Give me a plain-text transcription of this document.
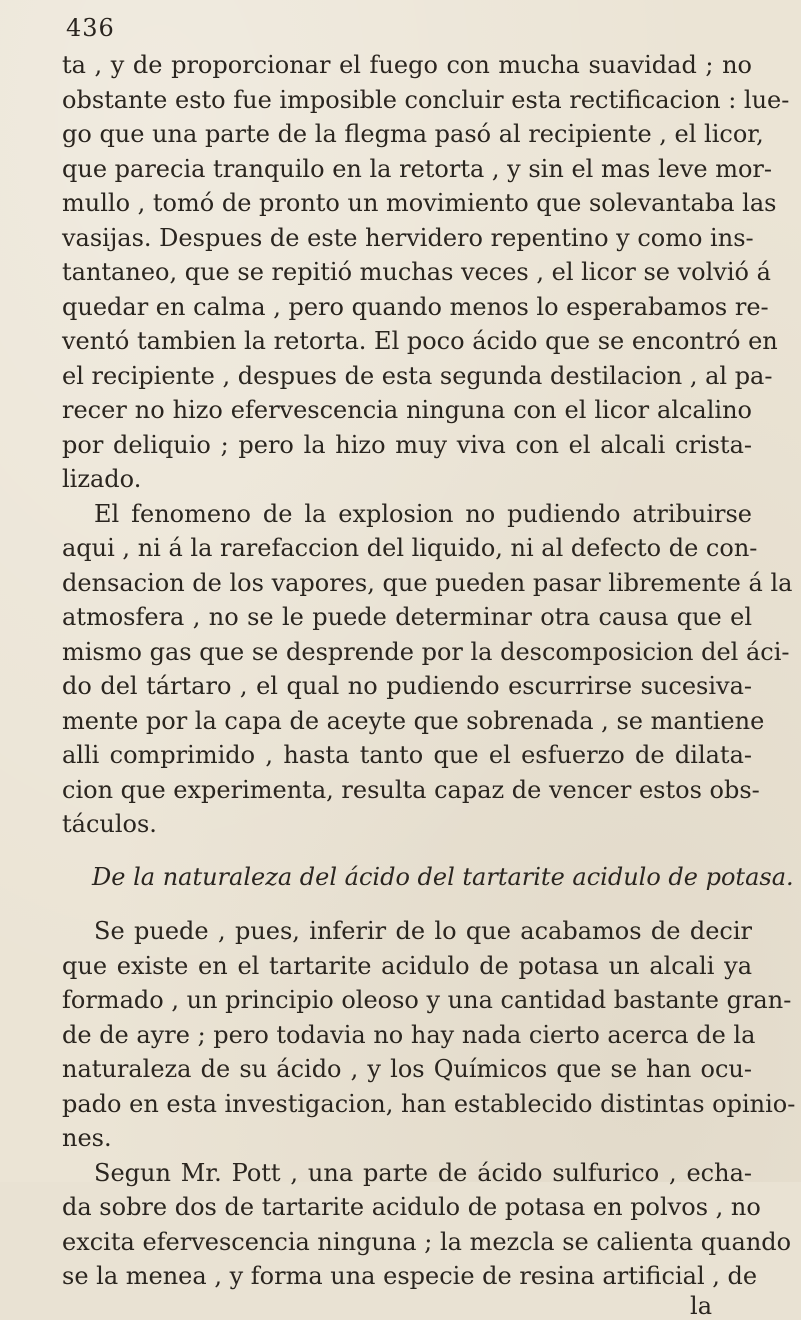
436
ta , y de proporcionar el fuego con mucha suavidad ; no
obstante esto fue imposible concluir esta rectificacion : lue-
go que una parte de la flegma pasó al recipiente , el licor,
que parecia tranquilo en la retorta , y sin el mas leve mor-
mullo , tomó de pronto un movimiento que solevantaba las
vasijas. Despues de este hervidero repentino y como ins-
tantaneo, que se repitió muchas veces , el licor se volvió á
quedar en calma , pero quando menos lo esperabamos re-
ventó tambien la retorta. El poco ácido que se encontró en
el recipiente , despues de esta segunda destilacion , al pa-
recer no hizo efervescencia ninguna con el licor alcalino
por deliquio ; pero la hizo muy viva con el alcali crista-
lizado.
El fenomeno de la explosion no pudiendo atribuirse
aqui , ni á la rarefaccion del liquido, ni al defecto de con-
densacion de los vapores, que pueden pasar libremente á la
atmosfera , no se le puede determinar otra causa que el
mismo gas que se desprende por la descomposicion del áci-
do del tártaro , el qual no pudiendo escurrirse sucesiva-
mente por la capa de aceyte que sobrenada , se mantiene
alli comprimido , hasta tanto que el esfuerzo de dilata-
cion que experimenta, resulta capaz de vencer estos obs-
táculos.
De la naturaleza del ácido del tartarite acidulo de potasa.
Se puede , pues, inferir de lo que acabamos de decir
que existe en el tartarite acidulo de potasa un alcali ya
formado , un principio oleoso y una cantidad bastante gran-
de de ayre ; pero todavia no hay nada cierto acerca de la
naturaleza de su ácido , y los Químicos que se han ocu-
pado en esta investigacion, han establecido distintas opinio-
nes.
Segun Mr. Pott , una parte de ácido sulfurico , echa-
da sobre dos de tartarite acidulo de potasa en polvos , no
excita efervescencia ninguna ; la mezcla se calienta quando
se la menea , y forma una especie de resina artificial , de
la
